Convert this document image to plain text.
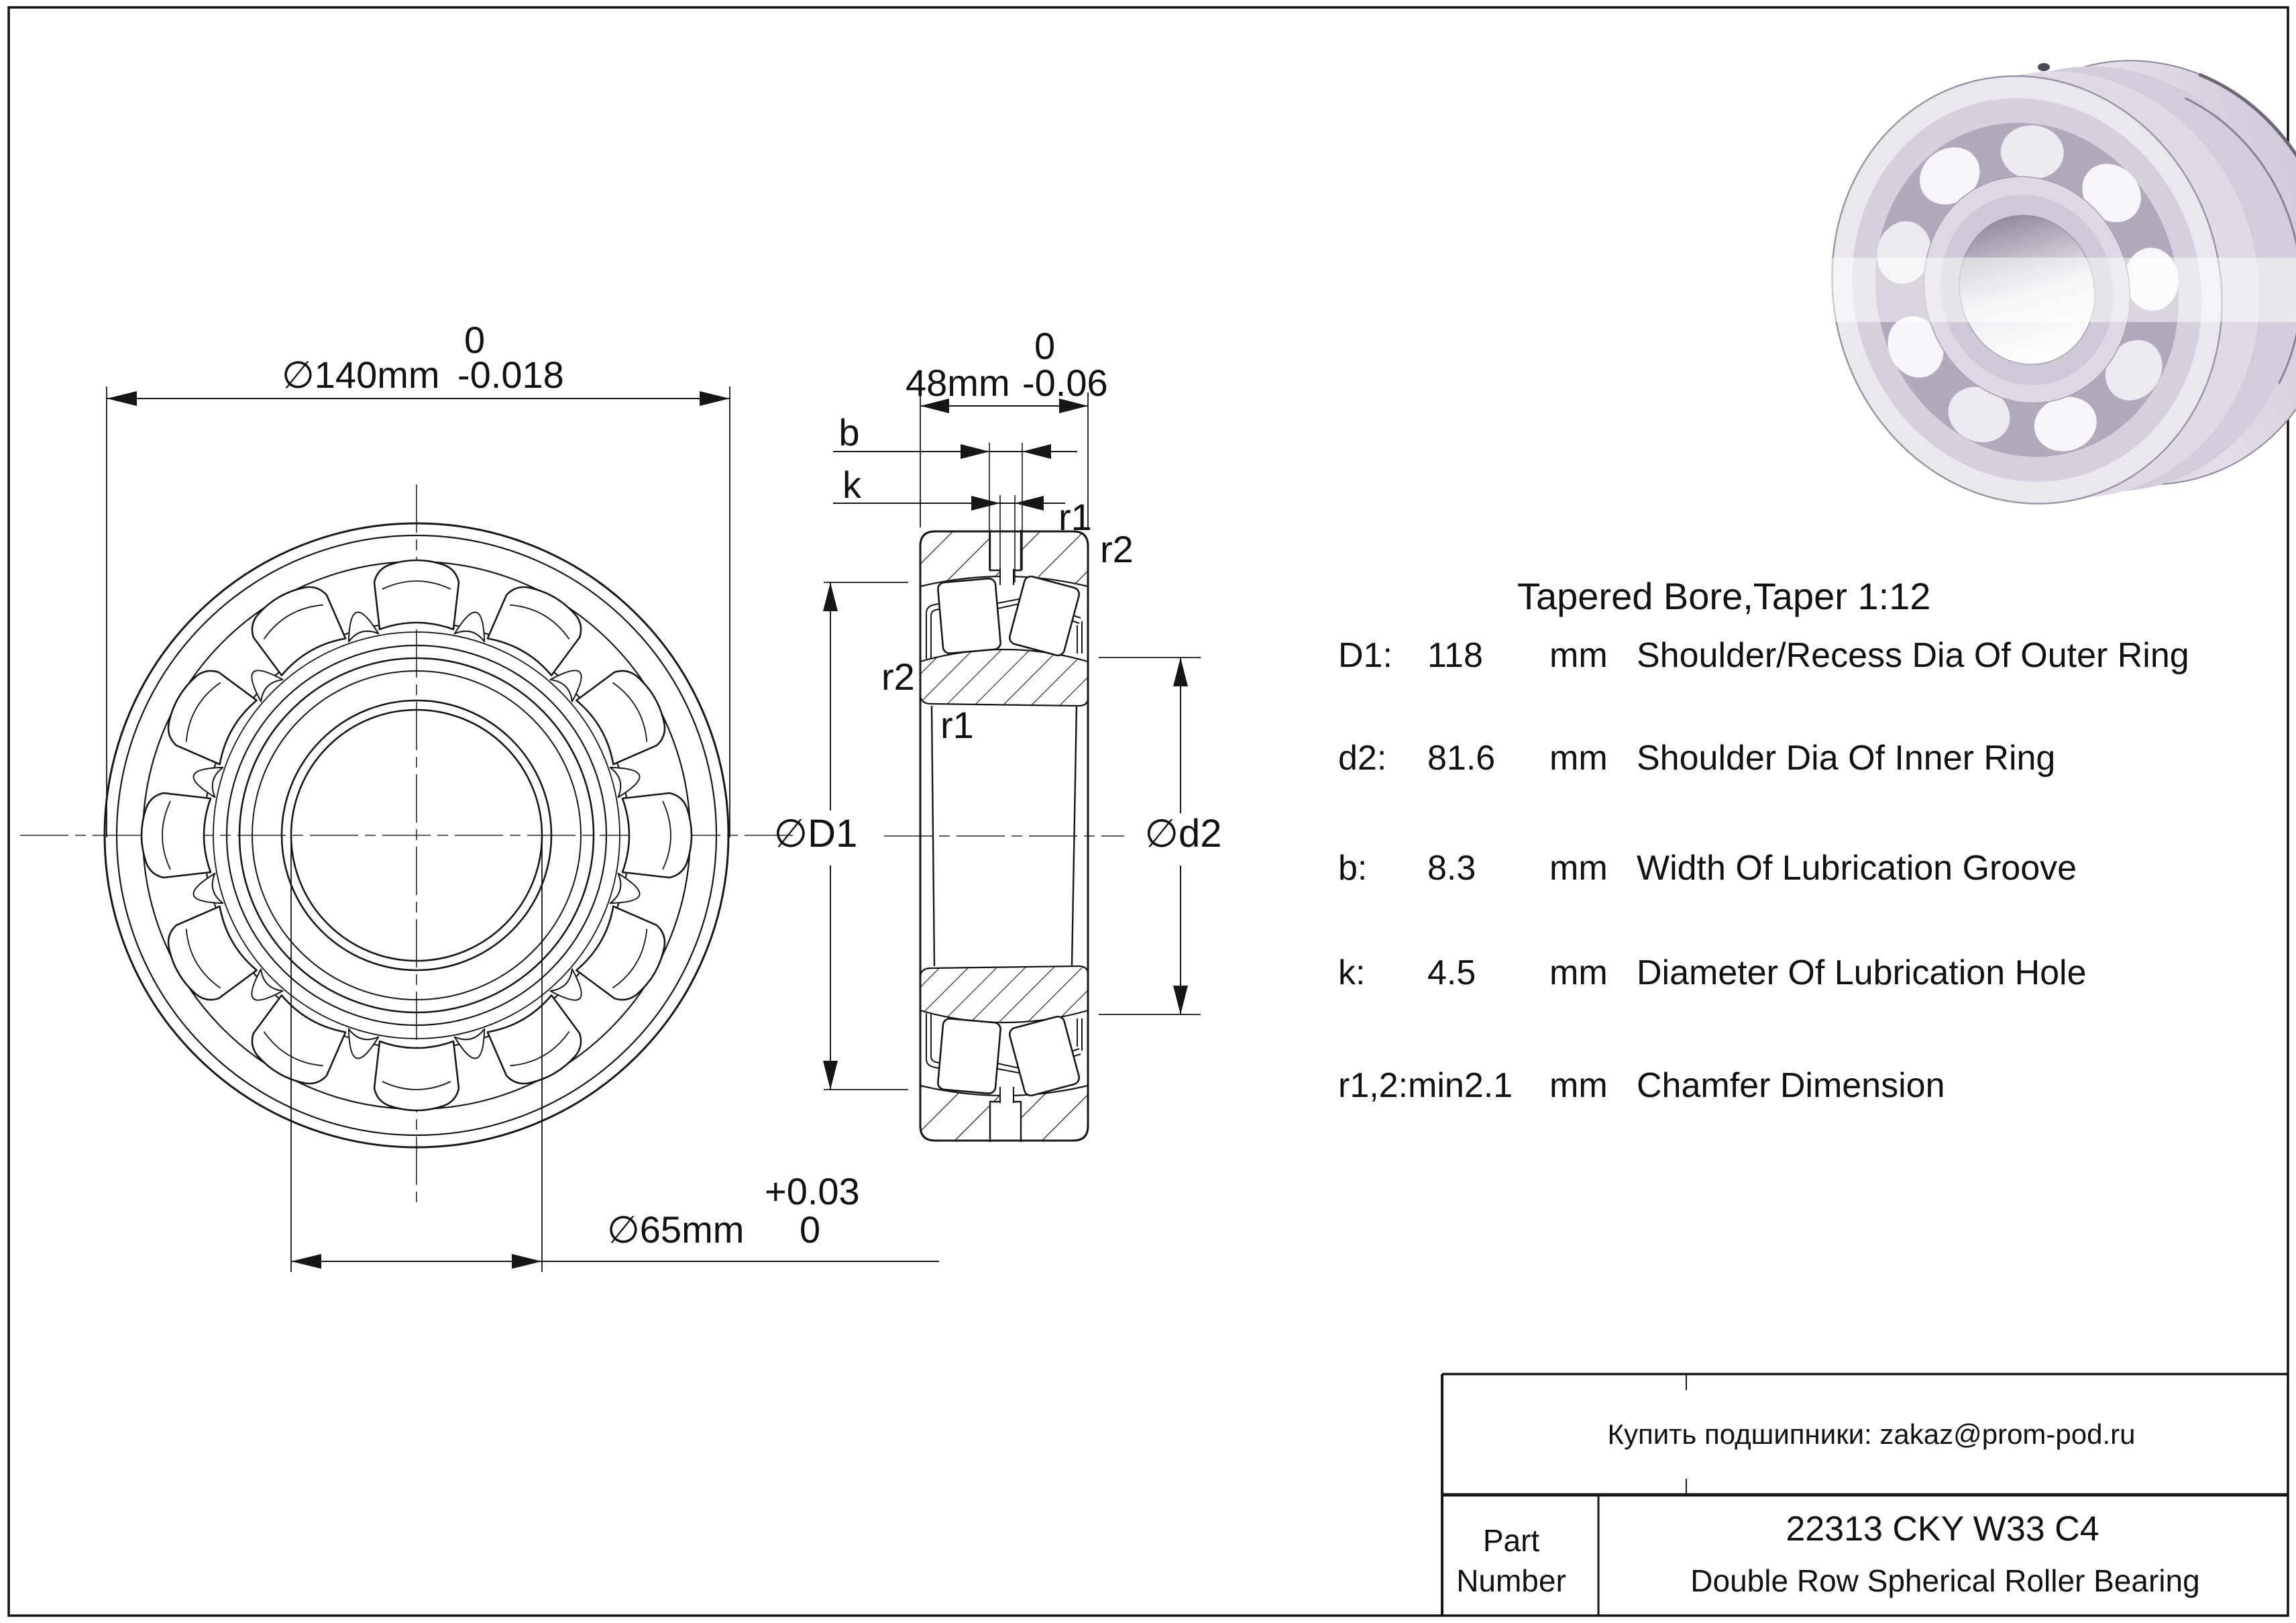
∅140mm -0.018
0
∅65mm
+0.03
0
48mm -0.06
0
b
k
r1
r2
r2
r1
∅D1	∅d2
Tapered Bore,Taper 1:12
D1: 118 mm Shoulder/Recess Dia Of Outer Ring
d2: 81.6 mm Shoulder Dia Of Inner Ring
b: 8.3 mm Width Of Lubrication Groove
k: 4.5 mm Diameter Of Lubrication Hole
r1,2:min2.1 mm Chamfer Dimension
Купить подшипники: zakaz@prom-pod.ru
Part
Number
22313 CKY W33 C4
Double Row Spherical Roller Bearing
